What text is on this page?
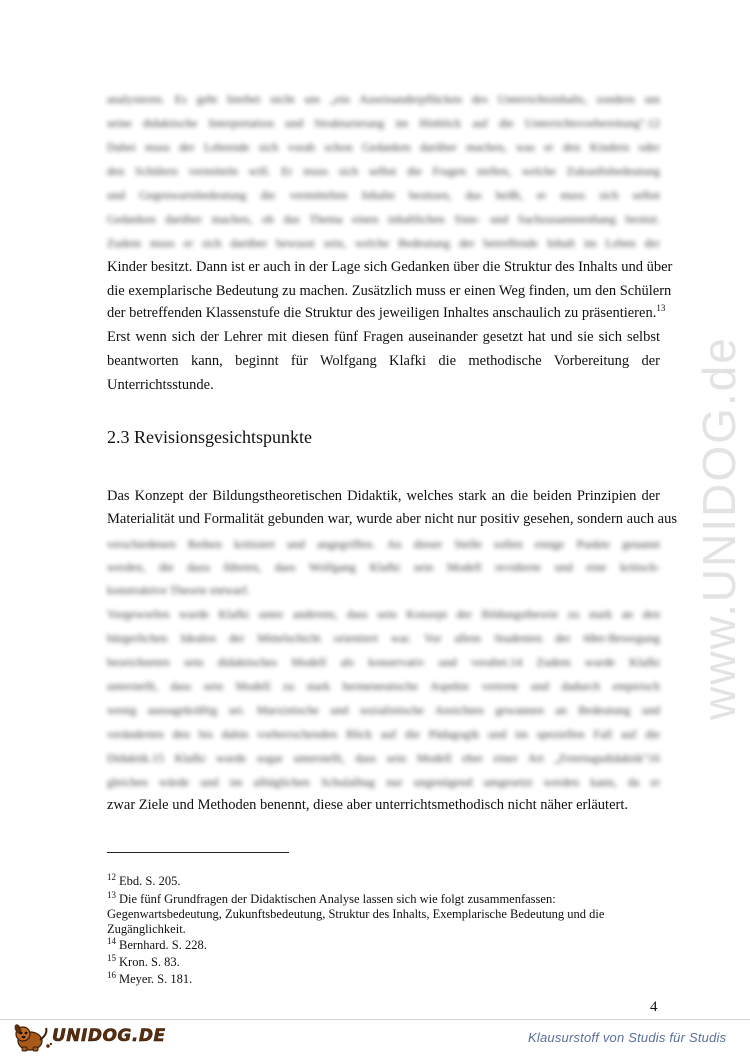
www.UNIDOG.de
analysieren. Es geht hierbei nicht um „ein Auseinanderpflücken des Unterrichtsinhalts, sondern um
seine didaktische Interpretation und Strukturierung im Hinblick auf die Unterrichtsvorbereitung".12
Dabei muss der Lehrende sich vorab schon Gedanken darüber machen, was er den Kindern oder
den Schülern vermitteln will. Er muss sich selbst die Fragen stellen, welche Zukunftsbedeutung
und Gegenwartsbedeutung die vermittelten Inhalte besitzen, das heißt, er muss sich selbst
Gedanken darüber machen, ob das Thema einen inhaltlichen Sinn- und Sachzusammenhang besitzt.
Zudem muss er sich darüber bewusst sein, welche Bedeutung der betreffende Inhalt im Leben der
Kinder besitzt. Dann ist er auch in der Lage sich Gedanken über die Struktur des Inhalts und über
die exemplarische Bedeutung zu machen. Zusätzlich muss er einen Weg finden, um den Schülern
der betreffenden Klassenstufe die Struktur des jeweiligen Inhaltes anschaulich zu präsentieren.$^{13}$
Erst wenn sich der Lehrer mit diesen fünf Fragen auseinander gesetzt hat und sie sich selbst
beantworten kann, beginnt für Wolfgang Klafki die methodische Vorbereitung der
Unterrichtsstunde.
2.3 Revisionsgesichtspunkte
Das Konzept der Bildungstheoretischen Didaktik, welches stark an die beiden Prinzipien der
Materialität und Formalität gebunden war, wurde aber nicht nur positiv gesehen, sondern auch aus
verschiedenen Reihen kritisiert und angegriffen. An dieser Stelle sollen einige Punkte genannt
werden, die dazu führten, dass Wolfgang Klafki sein Modell revidierte und eine kritisch-
konstruktive Theorie entwarf.
Vorgeworfen wurde Klafki unter anderem, dass sein Konzept der Bildungstheorie zu stark an den
bürgerlichen Idealen der Mittelschicht orientiert war. Vor allem Studenten der 68er-Bewegung
bezeichneten sein didaktisches Modell als konservativ und veraltet.14 Zudem wurde Klafki
unterstellt, dass sein Modell zu stark hermeneutische Aspekte vertrete und dadurch empirisch
wenig aussagekräftig sei. Marxistische und sozialistische Ansichten gewannen an Bedeutung und
veränderten den bis dahin vorherrschenden Blick auf die Pädagogik und im speziellen Fall auf die
Didaktik.15 Klafki wurde sogar unterstellt, dass sein Modell eher einer Art „Feiertagsdidaktik"16
gleichen würde und im alltäglichen Schulalltag nur ungenügend umgesetzt werden kann, da er
zwar Ziele und Methoden benennt, diese aber unterrichtsmethodisch nicht näher erläutert.
$^{12}$ Ebd. S. 205.
$^{13}$ Die fünf Grundfragen der Didaktischen Analyse lassen sich wie folgt zusammenfassen:
Gegenwartsbedeutung, Zukunftsbedeutung, Struktur des Inhalts, Exemplarische Bedeutung und die
Zugänglichkeit.
$^{14}$ Bernhard. S. 228.
$^{15}$ Kron. S. 83.
$^{16}$ Meyer. S. 181.
4
UNIDOG.DE	Klausurstoff von Studis für Studis
